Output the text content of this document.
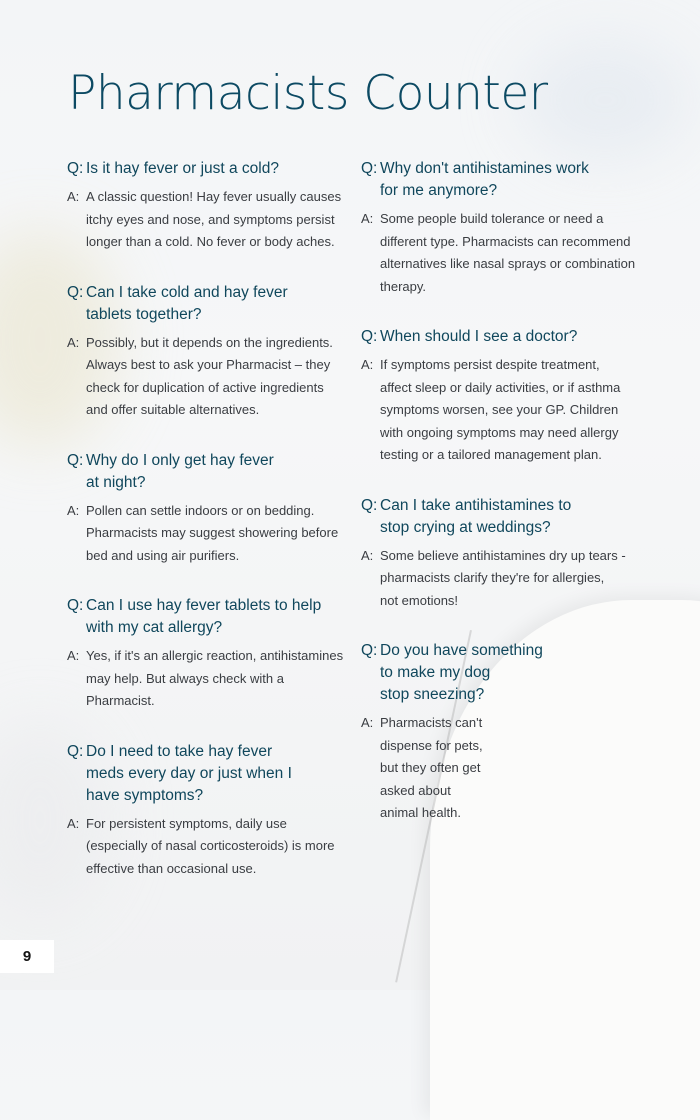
Pharmacists Counter
Q: Is it hay fever or just a cold?
A: A classic question! Hay fever usually causes
itchy eyes and nose, and symptoms persist
longer than a cold. No fever or body aches.
Q: Can I take cold and hay fever
tablets together?
A: Possibly, but it depends on the ingredients.
Always best to ask your Pharmacist – they
check for duplication of active ingredients
and offer suitable alternatives.
Q: Why do I only get hay fever
at night?
A: Pollen can settle indoors or on bedding.
Pharmacists may suggest showering before
bed and using air purifiers.
Q: Can I use hay fever tablets to help
with my cat allergy?
A: Yes, if it's an allergic reaction, antihistamines
may help. But always check with a
Pharmacist.
Q: Do I need to take hay fever
meds every day or just when I
have symptoms?
A: For persistent symptoms, daily use
(especially of nasal corticosteroids) is more
effective than occasional use.
Q: Why don't antihistamines work
for me anymore?
A: Some people build tolerance or need a
different type. Pharmacists can recommend
alternatives like nasal sprays or combination
therapy.
Q: When should I see a doctor?
A: If symptoms persist despite treatment,
affect sleep or daily activities, or if asthma
symptoms worsen, see your GP. Children
with ongoing symptoms may need allergy
testing or a tailored management plan.
Q: Can I take antihistamines to
stop crying at weddings?
A: Some believe antihistamines dry up tears -
pharmacists clarify they're for allergies,
not emotions!
Q: Do you have something
to make my dog
stop sneezing?
A: Pharmacists can't
dispense for pets,
but they often get
asked about
animal health.
9
